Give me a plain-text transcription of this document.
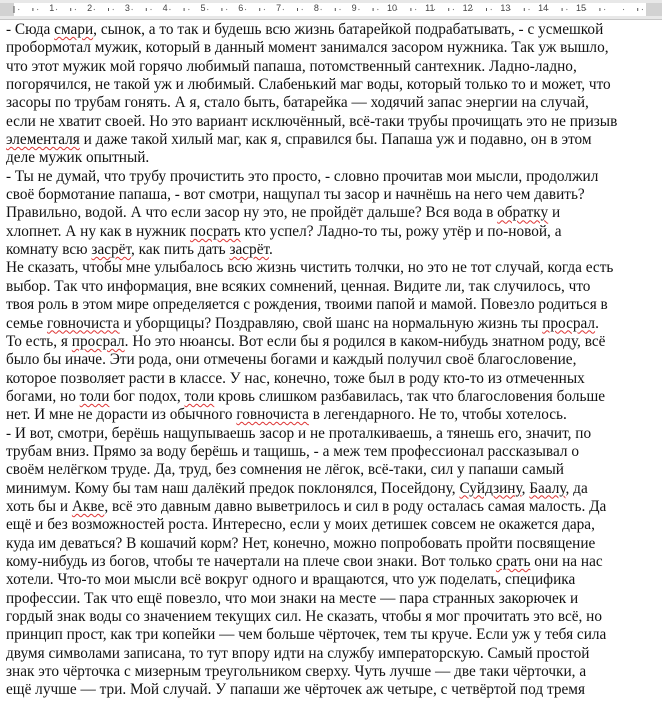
1	2	3	4	5	6	7	8	9	10	11	12	13	14	15
- Сюда смари, сынок, а то так и будешь всю жизнь батарейкой подрабатывать, - с усмешкой
пробормотал мужик, который в данный момент занимался засором нужника. Так уж вышло,
что этот мужик мой горячо любимый папаша, потомственный сантехник. Ладно-ладно,
погорячился, не такой уж и любимый. Слабенький маг воды, который только то и может, что
засоры по трубам гонять. А я, стало быть, батарейка — ходячий запас энергии на случай,
если не хватит своей. Но это вариант исключённый, всё-таки трубы прочищать это не призыв
элементаля и даже такой хилый маг, как я, справился бы. Папаша уж и подавно, он в этом
деле мужик опытный.
- Ты не думай, что трубу прочистить это просто, - словно прочитав мои мысли, продолжил
своё бормотание папаша, - вот смотри, нащупал ты засор и начнёшь на него чем давить?
Правильно, водой. А что если засор ну это, не пройдёт дальше? Вся вода в обратку и
хлопнет. А ну как в нужник посрать кто успел? Ладно-то ты, рожу утёр и по-новой, а
комнату всю засрёт, как пить дать засрёт.
Не сказать, чтобы мне улыбалось всю жизнь чистить толчки, но это не тот случай, когда есть
выбор. Так что информация, вне всяких сомнений, ценная. Видите ли, так случилось, что
твоя роль в этом мире определяется с рождения, твоими папой и мамой. Повезло родиться в
семье говночиста и уборщицы? Поздравляю, свой шанс на нормальную жизнь ты просрал.
То есть, я просрал. Но это нюансы. Вот если бы я родился в каком-нибудь знатном роду, всё
было бы иначе. Эти рода, они отмечены богами и каждый получил своё благословение,
которое позволяет расти в классе. У нас, конечно, тоже был в роду кто-то из отмеченных
богами, но толи бог подох, толи кровь слишком разбавилась, так что благословения больше
нет. И мне не дорасти из обычного говночиста в легендарного. Не то, чтобы хотелось.
- И вот, смотри, берёшь нащупываешь засор и не проталкиваешь, а тянешь его, значит, по
трубам вниз. Прямо за воду берёшь и тащишь, - а меж тем профессионал рассказывал о
своём нелёгком труде. Да, труд, без сомнения не лёгок, всё-таки, сил у папаши самый
минимум. Кому бы там наш далёкий предок поклонялся, Посейдону, Суйдзину, Баалу, да
хоть бы и Акве, всё это давным давно выветрилось и сил в роду осталась самая малость. Да
ещё и без возможностей роста. Интересно, если у моих детишек совсем не окажется дара,
куда им деваться? В кошачий корм? Нет, конечно, можно попробовать пройти посвящение
кому-нибудь из богов, чтобы те начертали на плече свои знаки. Вот только срать они на нас
хотели. Что-то мои мысли всё вокруг одного и вращаются, что уж поделать, специфика
профессии. Так что ещё повезло, что мои знаки на месте — пара странных закорючек и
гордый знак воды со значением текущих сил. Не сказать, чтобы я мог прочитать это всё, но
принцип прост, как три копейки — чем больше чёрточек, тем ты круче. Если уж у тебя сила
двумя символами записана, то тут впору идти на службу императорскую. Самый простой
знак это чёрточка с мизерным треугольником сверху. Чуть лучше — две таки чёрточки, а
ещё лучше — три. Мой случай. У папаши же чёрточек аж четыре, с четвёртой под тремя
